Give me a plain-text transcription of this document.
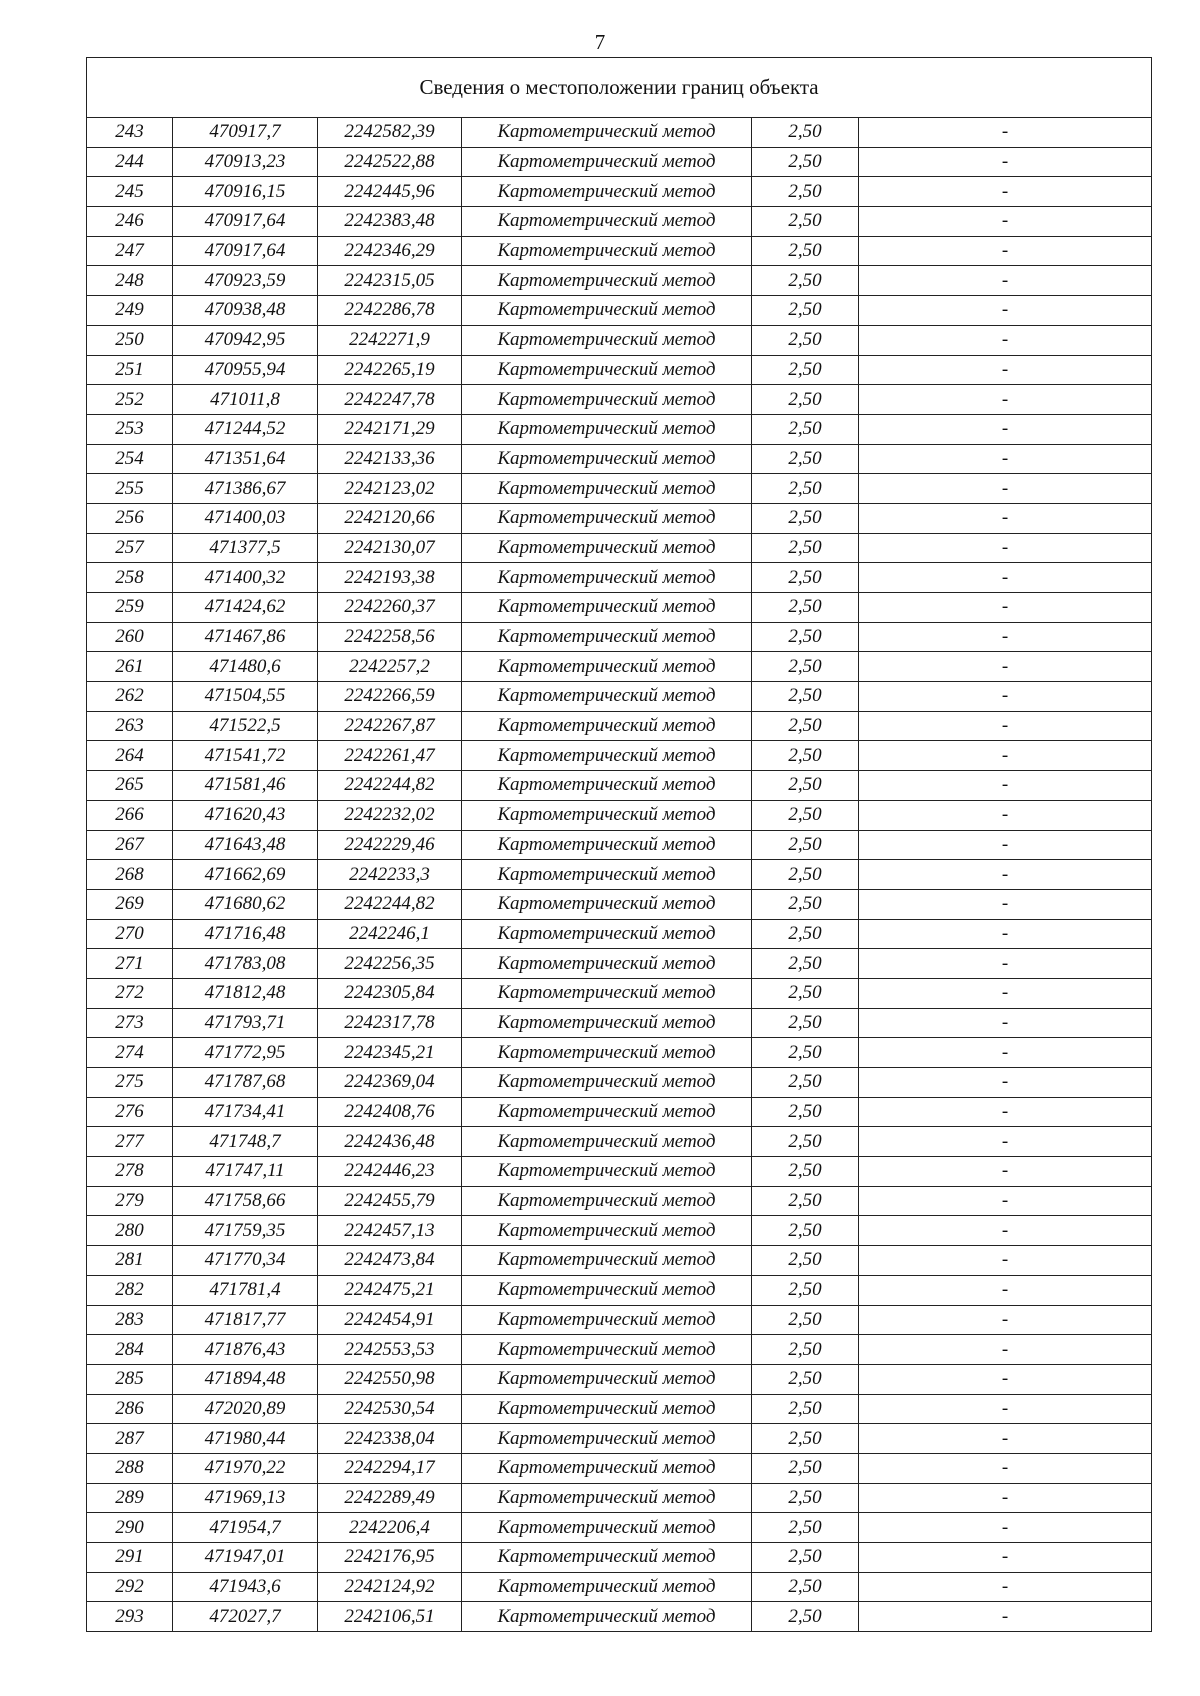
7
Сведения о местоположении границ объекта					
243	470917,7	2242582,39	Картометрический метод	2,50	-
244	470913,23	2242522,88	Картометрический метод	2,50	-
245	470916,15	2242445,96	Картометрический метод	2,50	-
246	470917,64	2242383,48	Картометрический метод	2,50	-
247	470917,64	2242346,29	Картометрический метод	2,50	-
248	470923,59	2242315,05	Картометрический метод	2,50	-
249	470938,48	2242286,78	Картометрический метод	2,50	-
250	470942,95	2242271,9	Картометрический метод	2,50	-
251	470955,94	2242265,19	Картометрический метод	2,50	-
252	471011,8	2242247,78	Картометрический метод	2,50	-
253	471244,52	2242171,29	Картометрический метод	2,50	-
254	471351,64	2242133,36	Картометрический метод	2,50	-
255	471386,67	2242123,02	Картометрический метод	2,50	-
256	471400,03	2242120,66	Картометрический метод	2,50	-
257	471377,5	2242130,07	Картометрический метод	2,50	-
258	471400,32	2242193,38	Картометрический метод	2,50	-
259	471424,62	2242260,37	Картометрический метод	2,50	-
260	471467,86	2242258,56	Картометрический метод	2,50	-
261	471480,6	2242257,2	Картометрический метод	2,50	-
262	471504,55	2242266,59	Картометрический метод	2,50	-
263	471522,5	2242267,87	Картометрический метод	2,50	-
264	471541,72	2242261,47	Картометрический метод	2,50	-
265	471581,46	2242244,82	Картометрический метод	2,50	-
266	471620,43	2242232,02	Картометрический метод	2,50	-
267	471643,48	2242229,46	Картометрический метод	2,50	-
268	471662,69	2242233,3	Картометрический метод	2,50	-
269	471680,62	2242244,82	Картометрический метод	2,50	-
270	471716,48	2242246,1	Картометрический метод	2,50	-
271	471783,08	2242256,35	Картометрический метод	2,50	-
272	471812,48	2242305,84	Картометрический метод	2,50	-
273	471793,71	2242317,78	Картометрический метод	2,50	-
274	471772,95	2242345,21	Картометрический метод	2,50	-
275	471787,68	2242369,04	Картометрический метод	2,50	-
276	471734,41	2242408,76	Картометрический метод	2,50	-
277	471748,7	2242436,48	Картометрический метод	2,50	-
278	471747,11	2242446,23	Картометрический метод	2,50	-
279	471758,66	2242455,79	Картометрический метод	2,50	-
280	471759,35	2242457,13	Картометрический метод	2,50	-
281	471770,34	2242473,84	Картометрический метод	2,50	-
282	471781,4	2242475,21	Картометрический метод	2,50	-
283	471817,77	2242454,91	Картометрический метод	2,50	-
284	471876,43	2242553,53	Картометрический метод	2,50	-
285	471894,48	2242550,98	Картометрический метод	2,50	-
286	472020,89	2242530,54	Картометрический метод	2,50	-
287	471980,44	2242338,04	Картометрический метод	2,50	-
288	471970,22	2242294,17	Картометрический метод	2,50	-
289	471969,13	2242289,49	Картометрический метод	2,50	-
290	471954,7	2242206,4	Картометрический метод	2,50	-
291	471947,01	2242176,95	Картометрический метод	2,50	-
292	471943,6	2242124,92	Картометрический метод	2,50	-
293	472027,7	2242106,51	Картометрический метод	2,50	-
